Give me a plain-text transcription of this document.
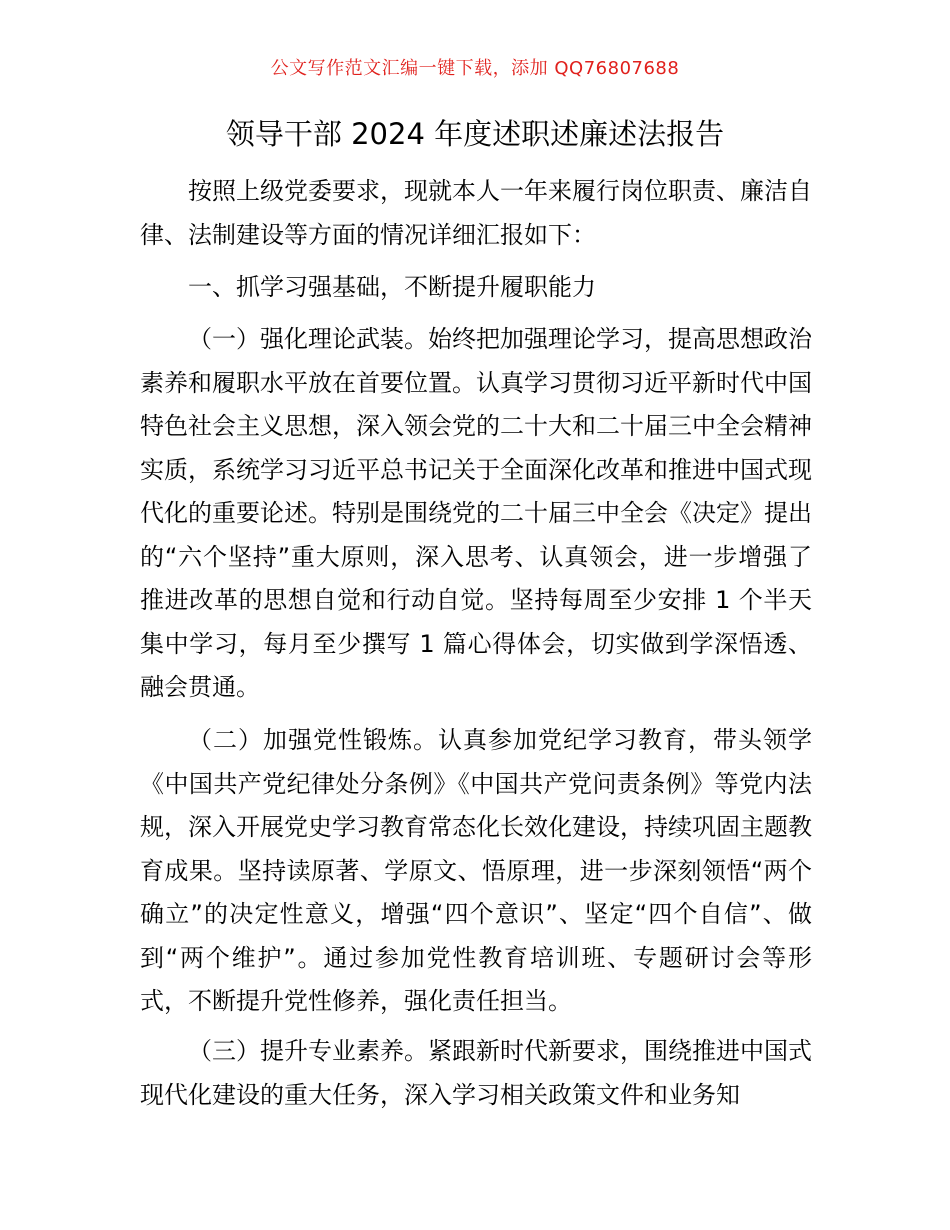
公文写作范文汇编一键下载，添加 QQ76807688
领导干部 2024 年度述职述廉述法报告

按照上级党委要求，现就本人一年来履行岗位职责、廉洁自律、法制建设等方面的情况详细汇报如下：

一、抓学习强基础，不断提升履职能力

（一）强化理论武装。始终把加强理论学习，提高思想政治素养和履职水平放在首要位置。认真学习贯彻习近平新时代中国特色社会主义思想，深入领会党的二十大和二十届三中全会精神实质，系统学习习近平总书记关于全面深化改革和推进中国式现代化的重要论述。特别是围绕党的二十届三中全会《决定》提出的“六个坚持”重大原则，深入思考、认真领会，进一步增强了推进改革的思想自觉和行动自觉。坚持每周至少安排 1 个半天集中学习，每月至少撰写 1 篇心得体会，切实做到学深悟透、融会贯通。

（二）加强党性锻炼。认真参加党纪学习教育，带头领学《中国共产党纪律处分条例》《中国共产党问责条例》等党内法规，深入开展党史学习教育常态化长效化建设，持续巩固主题教育成果。坚持读原著、学原文、悟原理，进一步深刻领悟“两个确立”的决定性意义，增强“四个意识”、坚定“四个自信”、做到“两个维护”。通过参加党性教育培训班、专题研讨会等形式，不断提升党性修养，强化责任担当。

（三）提升专业素养。紧跟新时代新要求，围绕推进中国式现代化建设的重大任务，深入学习相关政策文件和业务知
